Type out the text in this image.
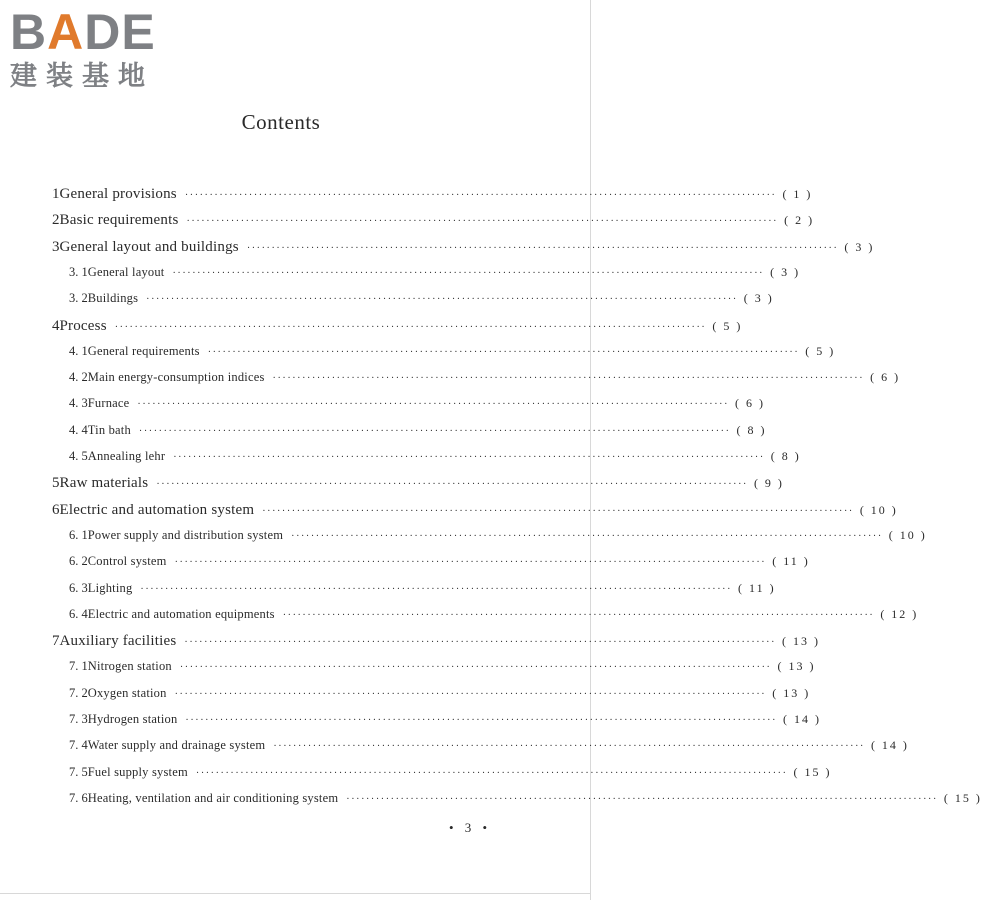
BADE
建装基地
Contents
1 General provisions ························································································································ ( 1 )
2 Basic requirements ························································································································ ( 2 )
3 General layout and buildings ························································································································ ( 3 )
3. 1 General layout ························································································································ ( 3 )
3. 2 Buildings ························································································································ ( 3 )
4 Process ························································································································ ( 5 )
4. 1 General requirements ························································································································ ( 5 )
4. 2 Main energy-consumption indices ························································································································ ( 6 )
4. 3 Furnace ························································································································ ( 6 )
4. 4 Tin bath ························································································································ ( 8 )
4. 5 Annealing lehr ························································································································ ( 8 )
5 Raw materials ························································································································ ( 9 )
6 Electric and automation system ························································································································ ( 10 )
6. 1 Power supply and distribution system ························································································································ ( 10 )
6. 2 Control system ························································································································ ( 11 )
6. 3 Lighting ························································································································ ( 11 )
6. 4 Electric and automation equipments ························································································································ ( 12 )
7 Auxiliary facilities ························································································································ ( 13 )
7. 1 Nitrogen station ························································································································ ( 13 )
7. 2 Oxygen station ························································································································ ( 13 )
7. 3 Hydrogen station ························································································································ ( 14 )
7. 4 Water supply and drainage system ························································································································ ( 14 )
7. 5 Fuel supply system ························································································································ ( 15 )
7. 6 Heating, ventilation and air conditioning system ························································································································ ( 15 )
• 3 •
